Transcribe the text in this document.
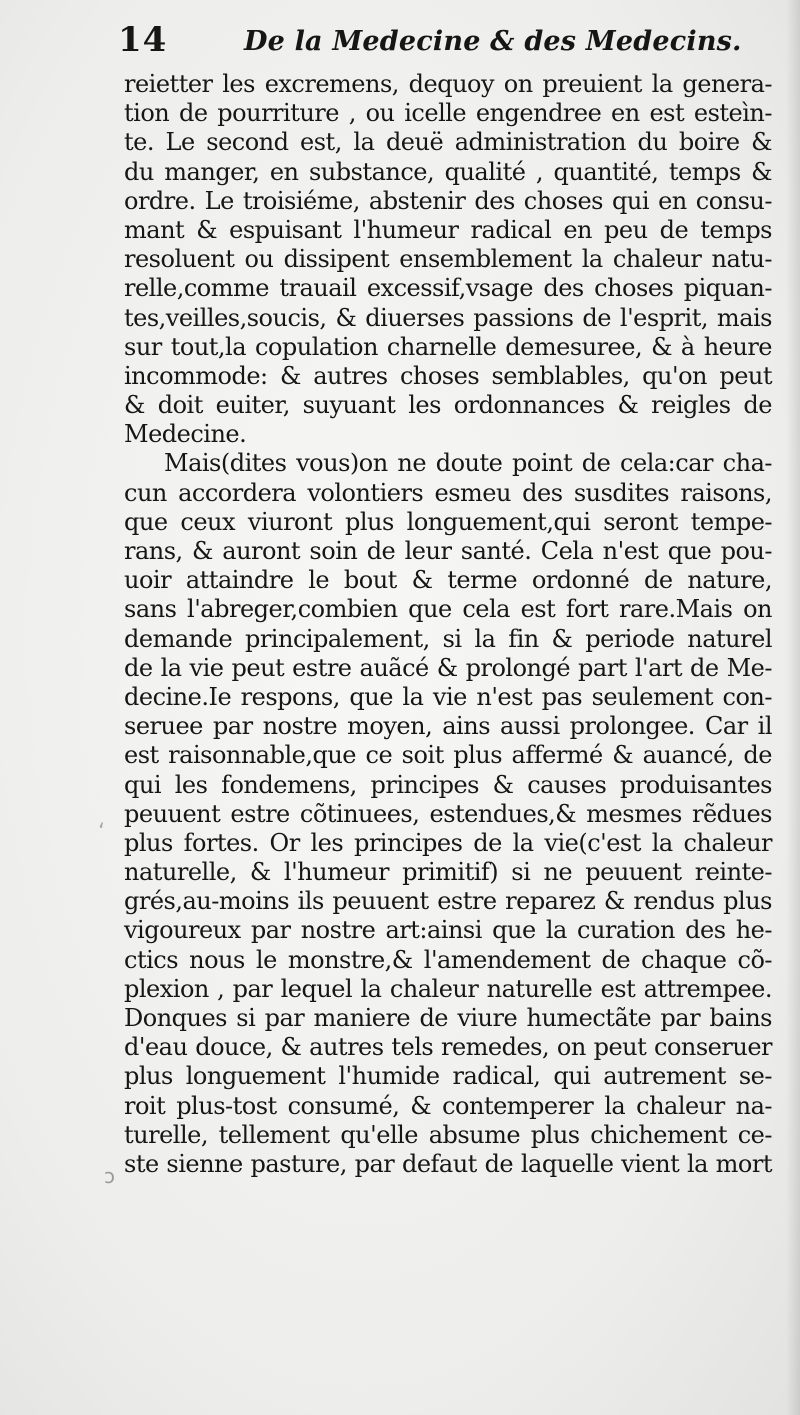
14	De la Medecine & des Medecins.
‘
reietter les excremens, dequoy on preuient la genera-
tion de pourriture , ou icelle engendree en est esteìn-
te. Le second est, la deuë administration du boire &
du manger, en substance, qualité , quantité, temps &
ordre. Le troisiéme, abstenir des choses qui en consu-
mant & espuisant l'humeur radical en peu de temps
resoluent ou dissipent ensemblement la chaleur natu-
relle,comme trauail excessif,vsage des choses piquan-
tes,veilles,soucis, & diuerses passions de l'esprit, mais
sur tout,la copulation charnelle demesuree, & à heure
incommode: & autres choses semblables, qu'on peut
& doit euiter, suyuant les ordonnances & reigles de
Medecine.
Mais(dites vous)on ne doute point de cela:car cha-
cun accordera volontiers esmeu des susdites raisons,
que ceux viuront plus longuement,qui seront tempe-
rans, & auront soin de leur santé. Cela n'est que pou-
uoir attaindre le bout & terme ordonné de nature,
sans l'abreger,combien que cela est fort rare.Mais on
demande principalement, si la fin & periode naturel
de la vie peut estre auãcé & prolongé part l'art de Me-
decine.Ie respons, que la vie n'est pas seulement con-
seruee par nostre moyen, ains aussi prolongee. Car il
est raisonnable,que ce soit plus affermé & auancé, de
qui les fondemens, principes & causes produisantes
peuuent estre cõtinuees, estendues,& mesmes rẽdues
plus fortes. Or les principes de la vie(c'est la chaleur
naturelle, & l'humeur primitif) si ne peuuent reinte-
grés,au-moins ils peuuent estre reparez & rendus plus
vigoureux par nostre art:ainsi que la curation des he-
ctics nous le monstre,& l'amendement de chaque cõ-
plexion , par lequel la chaleur naturelle est attrempee.
Donques si par maniere de viure humectãte par bains
d'eau douce, & autres tels remedes, on peut conseruer
plus longuement l'humide radical, qui autrement se-
roit plus-tost consumé, & contemperer la chaleur na-
turelle, tellement qu'elle absume plus chichement ce-
ste sienne pasture, par defaut de laquelle vient la mort
ↄ
